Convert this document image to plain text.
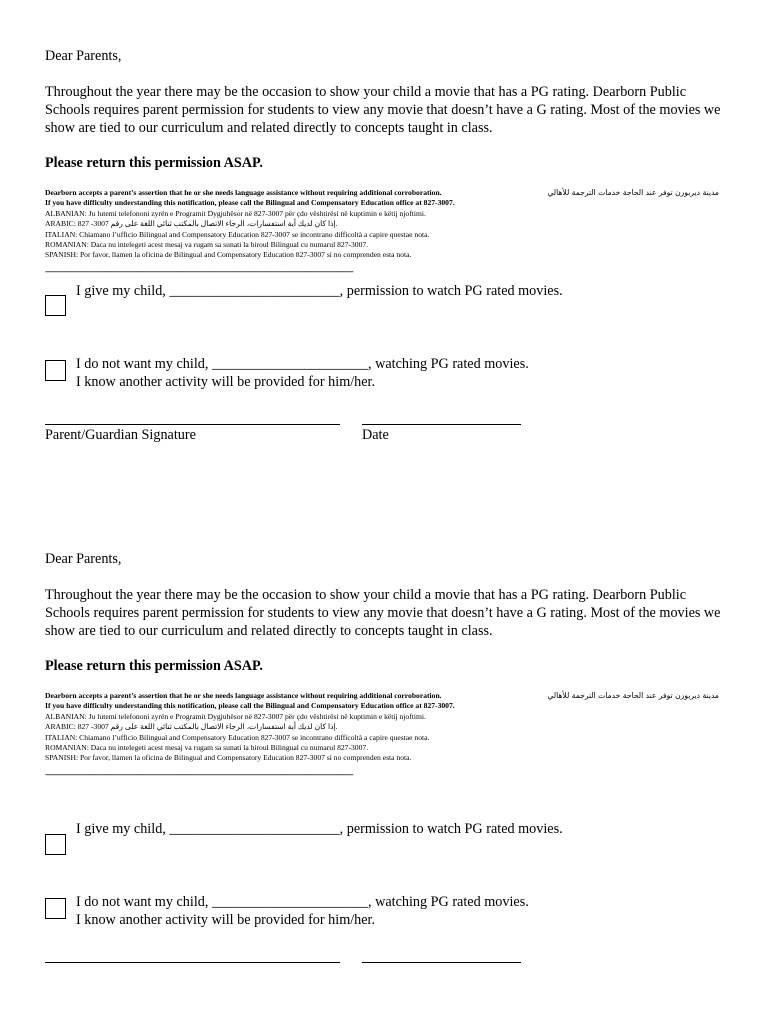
Dear Parents,
Throughout the year there may be the occasion to show your child a movie that has a PG rating. Dearborn Public Schools requires parent permission for students to view any movie that doesn’t have a G rating. Most of the movies we show are tied to our curriculum and related directly to concepts taught in class.
Please return this permission ASAP.
Dearborn accepts a parent’s assertion that he or she needs language assistance without requiring additional corroboration.	مدينة ديربورن توفر عند الحاجة خدمات الترجمة للأهالي
If you have difficulty understanding this notification, please call the Bilingual and Compensatory Education office at 827-3007.
ALBANIAN: Ju lutemi telefononi zyrën e Programit Dygjuhësor në 827-3007 për çdo vështirësi në kuptimin e këtij njoftimi.
ARABIC: 827 -3007 إذا كان لديك أية استفسارات، الرجاء الاتصال بالمكتب ثنائي اللغة على رقم.
ITALIAN: Chiamano l’ufficio Bilingual and Compensatory Education 827-3007 se incontrano difficoltà a capire questae nota.
ROMANIAN: Daca nu intelegeti acest mesaj va rugam sa sunati la biroul Bilingual cu numarul 827-3007.
SPANISH: Por favor, llamen la oficina de Bilingual and Compensatory Education 827-3007 si no comprenden esta nota.
-----------------------------------------------------------------------------------------------------------------------------------------
I give my child, ________________________, permission to watch PG rated movies.
I do not want my child, ______________________, watching PG rated movies.
I know another activity will be provided for him/her.
Parent/Guardian Signature	Date
Dear Parents,
Throughout the year there may be the occasion to show your child a movie that has a PG rating. Dearborn Public Schools requires parent permission for students to view any movie that doesn’t have a G rating. Most of the movies we show are tied to our curriculum and related directly to concepts taught in class.
Please return this permission ASAP.
Dearborn accepts a parent’s assertion that he or she needs language assistance without requiring additional corroboration.	مدينة ديربورن توفر عند الحاجة خدمات الترجمة للأهالي
If you have difficulty understanding this notification, please call the Bilingual and Compensatory Education office at 827-3007.
ALBANIAN: Ju lutemi telefononi zyrën e Programit Dygjuhësor në 827-3007 për çdo vështirësi në kuptimin e këtij njoftimi.
ARABIC: 827 -3007 إذا كان لديك أية استفسارات، الرجاء الاتصال بالمكتب ثنائي اللغة على رقم.
ITALIAN: Chiamano l’ufficio Bilingual and Compensatory Education 827-3007 se incontrano difficoltà a capire questae nota.
ROMANIAN: Daca nu intelegeti acest mesaj va rugam sa sunati la biroul Bilingual cu numarul 827-3007.
SPANISH: Por favor, llamen la oficina de Bilingual and Compensatory Education 827-3007 si no comprenden esta nota.
-----------------------------------------------------------------------------------------------------------------------------------------
I give my child, ________________________, permission to watch PG rated movies.
I do not want my child, ______________________, watching PG rated movies.
I know another activity will be provided for him/her.
